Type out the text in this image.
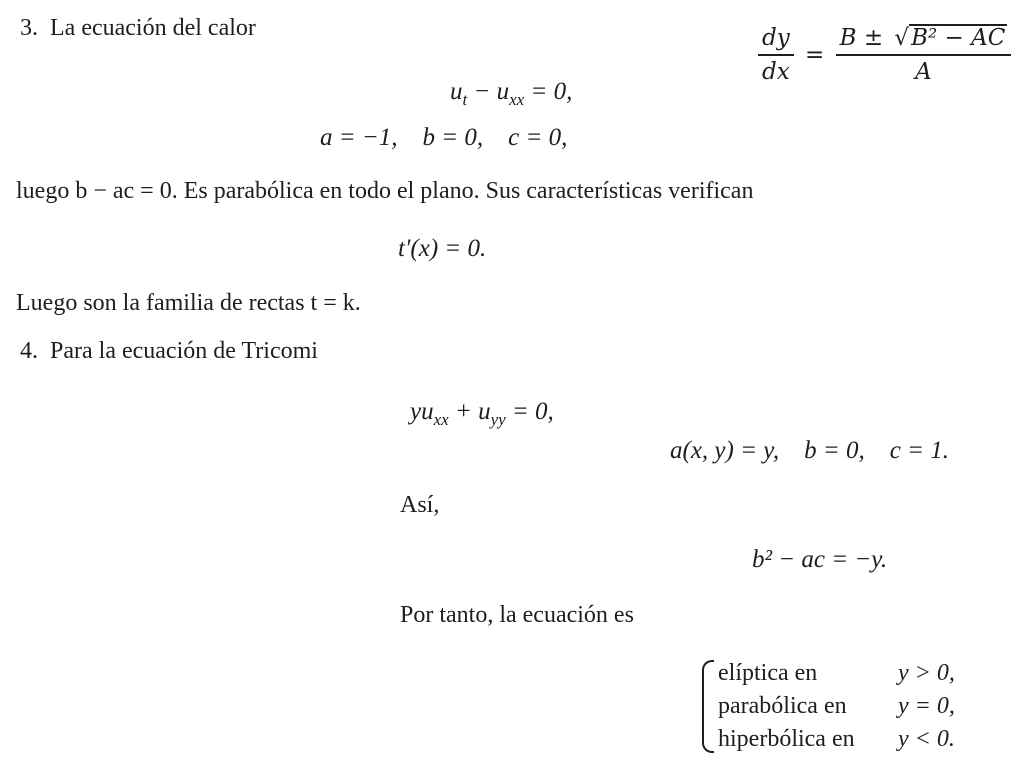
$\frac{dy}{dx} = \frac{\text{B ± √B² − AC}}{A}$
3. La ecuación del calor
$u_t - u_{xx} = 0$,
a = −1,    b = 0,    c = 0,
luego b − ac = 0. Es parabólica en todo el plano. Sus características verifican
t′(x) = 0.
Luego son la familia de rectas t = k.
4. Para la ecuación de Tricomi
$yu_{xx} + u_{yy} = 0$,
a(x, y) = y,    b = 0,    c = 1.
Así,
b² − ac = −y.
Por tanto, la ecuación es
elíptica en	y > 0,
parabólica en	y = 0,
hiperbólica en	y < 0.
